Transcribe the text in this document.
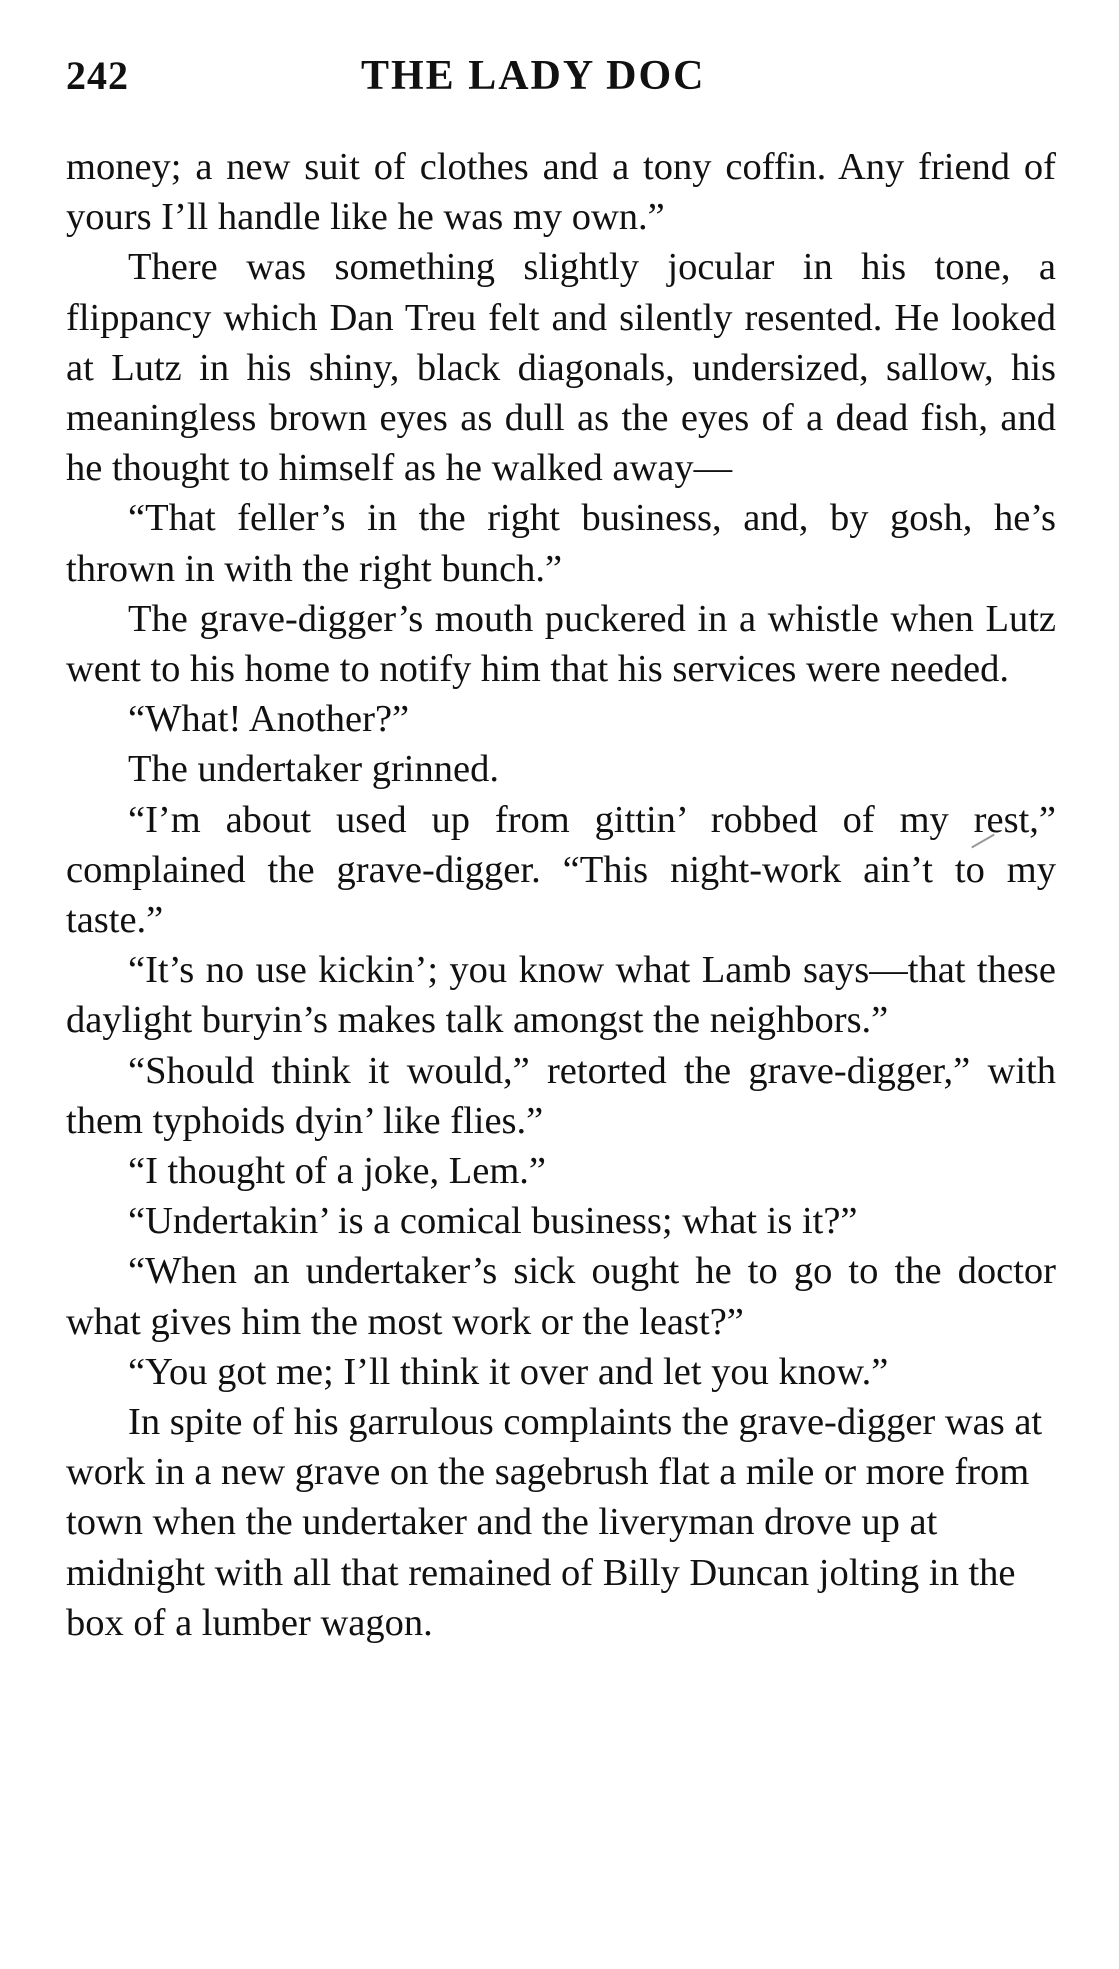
242	THE LADY DOC

money; a new suit of clothes and a tony coffin. Any friend of yours I’ll handle like he was my own.”

There was something slightly jocular in his tone, a flippancy which Dan Treu felt and silently resented. He looked at Lutz in his shiny, black diagonals, undersized, sallow, his meaningless brown eyes as dull as the eyes of a dead fish, and he thought to himself as he walked away—

“That feller’s in the right business, and, by gosh, he’s thrown in with the right bunch.”

The grave-digger’s mouth puckered in a whistle when Lutz went to his home to notify him that his services were needed.

“What! Another?”

The undertaker grinned.

“I’m about used up from gittin’ robbed of my rest,” complained the grave-digger. “This night-work ain’t to my taste.”

“It’s no use kickin’; you know what Lamb says—that these daylight buryin’s makes talk amongst the neighbors.”

“Should think it would,” retorted the grave-digger,” with them typhoids dyin’ like flies.”

“I thought of a joke, Lem.”

“Undertakin’ is a comical business; what is it?”

“When an undertaker’s sick ought he to go to the doctor what gives him the most work or the least?”

“You got me; I’ll think it over and let you know.”

In spite of his garrulous complaints the grave-digger was at work in a new grave on the sagebrush flat a mile or more from town when the undertaker and the liveryman drove up at midnight with all that remained of Billy Duncan jolting in the box of a lumber wagon.
